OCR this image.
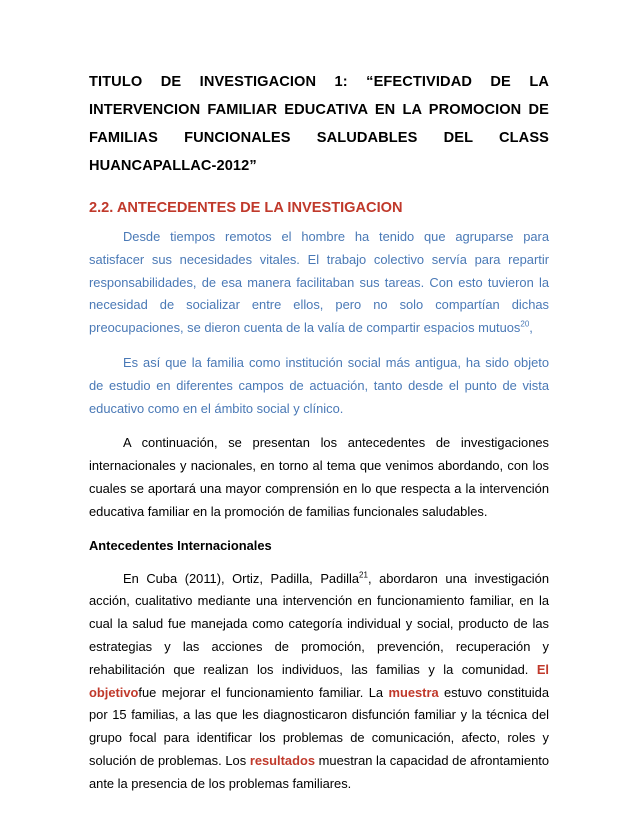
TITULO DE INVESTIGACION 1: “EFECTIVIDAD DE LA INTERVENCION FAMILIAR EDUCATIVA EN LA PROMOCION DE FAMILIAS FUNCIONALES SALUDABLES DEL CLASS HUANCAPALLAC-2012”

2.2. ANTECEDENTES DE LA INVESTIGACION

Desde tiempos remotos el hombre ha tenido que agruparse para satisfacer sus necesidades vitales. El trabajo colectivo servía para repartir responsabilidades, de esa manera facilitaban sus tareas. Con esto tuvieron la necesidad de socializar entre ellos, pero no solo compartían dichas preocupaciones, se dieron cuenta de la valía de compartir espacios mutuos$^{20}$,

Es así que la familia como institución social más antigua, ha sido objeto de estudio en diferentes campos de actuación, tanto desde el punto de vista educativo como en el ámbito social y clínico.

A continuación, se presentan los antecedentes de investigaciones internacionales y nacionales, en torno al tema que venimos abordando, con los cuales se aportará una mayor comprensión en lo que respecta a la intervención educativa familiar en la promoción de familias funcionales saludables.

Antecedentes Internacionales

En Cuba (2011), Ortiz, Padilla, Padilla$^{21}$, abordaron una investigación acción, cualitativo mediante una intervención en funcionamiento familiar, en la cual la salud fue manejada como categoría individual y social, producto de las estrategias y las acciones de promoción, prevención, recuperación y rehabilitación que realizan los individuos, las familias y la comunidad. El objetivofue mejorar el funcionamiento familiar. La muestra estuvo constituida por 15 familias, a las que les diagnosticaron disfunción familiar y la técnica del grupo focal para identificar los problemas de comunicación, afecto, roles y solución de problemas. Los resultados muestran la capacidad de afrontamiento ante la presencia de los problemas familiares.
